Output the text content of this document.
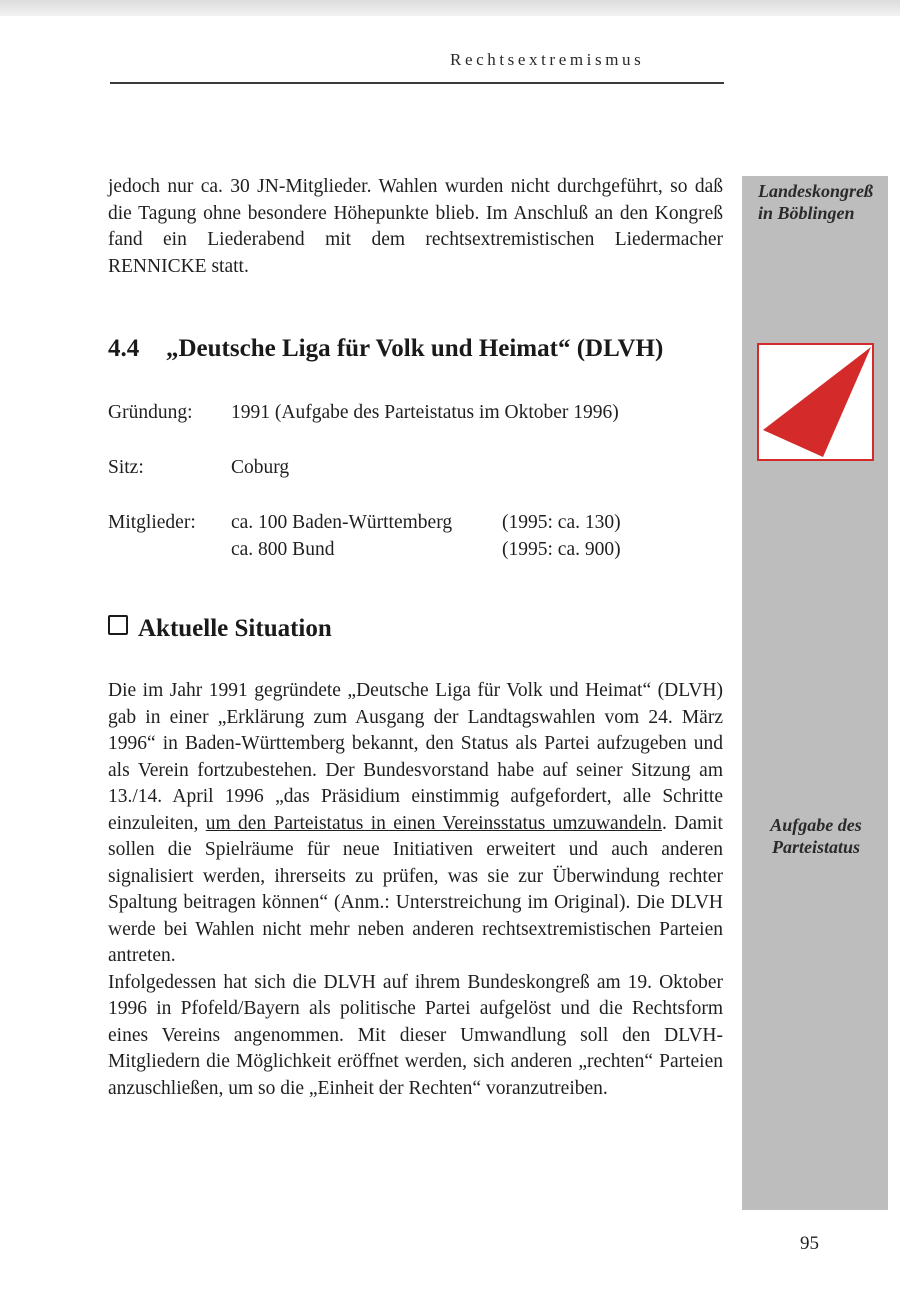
Rechtsextremismus
Landeskongreß in Böblingen
Aufgabe des Parteistatus
jedoch nur ca. 30 JN-Mitglieder. Wahlen wurden nicht durchgeführt, so daß die Tagung ohne besondere Höhepunkte blieb. Im Anschluß an den Kongreß fand ein Liederabend mit dem rechtsextremistischen Liedermacher RENNICKE statt.
4.4 „Deutsche Liga für Volk und Heimat“ (DLVH)
Gründung: 1991 (Aufgabe des Parteistatus im Oktober 1996)
Sitz:	Coburg
Mitglieder: ca. 100 Baden-Württemberg	(1995: ca. 130)
ca. 800 Bund	(1995: ca. 900)
Aktuelle Situation
Die im Jahr 1991 gegründete „Deutsche Liga für Volk und Heimat“ (DLVH) gab in einer „Erklärung zum Ausgang der Landtagswahlen vom 24. März 1996“ in Baden-Württemberg bekannt, den Status als Partei aufzugeben und als Verein fortzubestehen. Der Bundesvorstand habe auf seiner Sitzung am 13./14. April 1996 „das Präsidium einstimmig aufgefordert, alle Schritte einzuleiten, um den Parteistatus in einen Vereinsstatus umzuwandeln. Damit sollen die Spielräume für neue Initiativen erweitert und auch anderen signalisiert werden, ihrerseits zu prüfen, was sie zur Überwindung rechter Spaltung beitragen können“ (Anm.: Unterstreichung im Original). Die DLVH werde bei Wahlen nicht mehr neben anderen rechtsextremistischen Parteien antreten.
Infolgedessen hat sich die DLVH auf ihrem Bundeskongreß am 19. Oktober 1996 in Pfofeld/Bayern als politische Partei aufgelöst und die Rechtsform eines Vereins angenommen. Mit dieser Umwandlung soll den DLVH-Mitgliedern die Möglichkeit eröffnet werden, sich anderen „rechten“ Parteien anzuschließen, um so die „Einheit der Rechten“ voranzutreiben.
95
